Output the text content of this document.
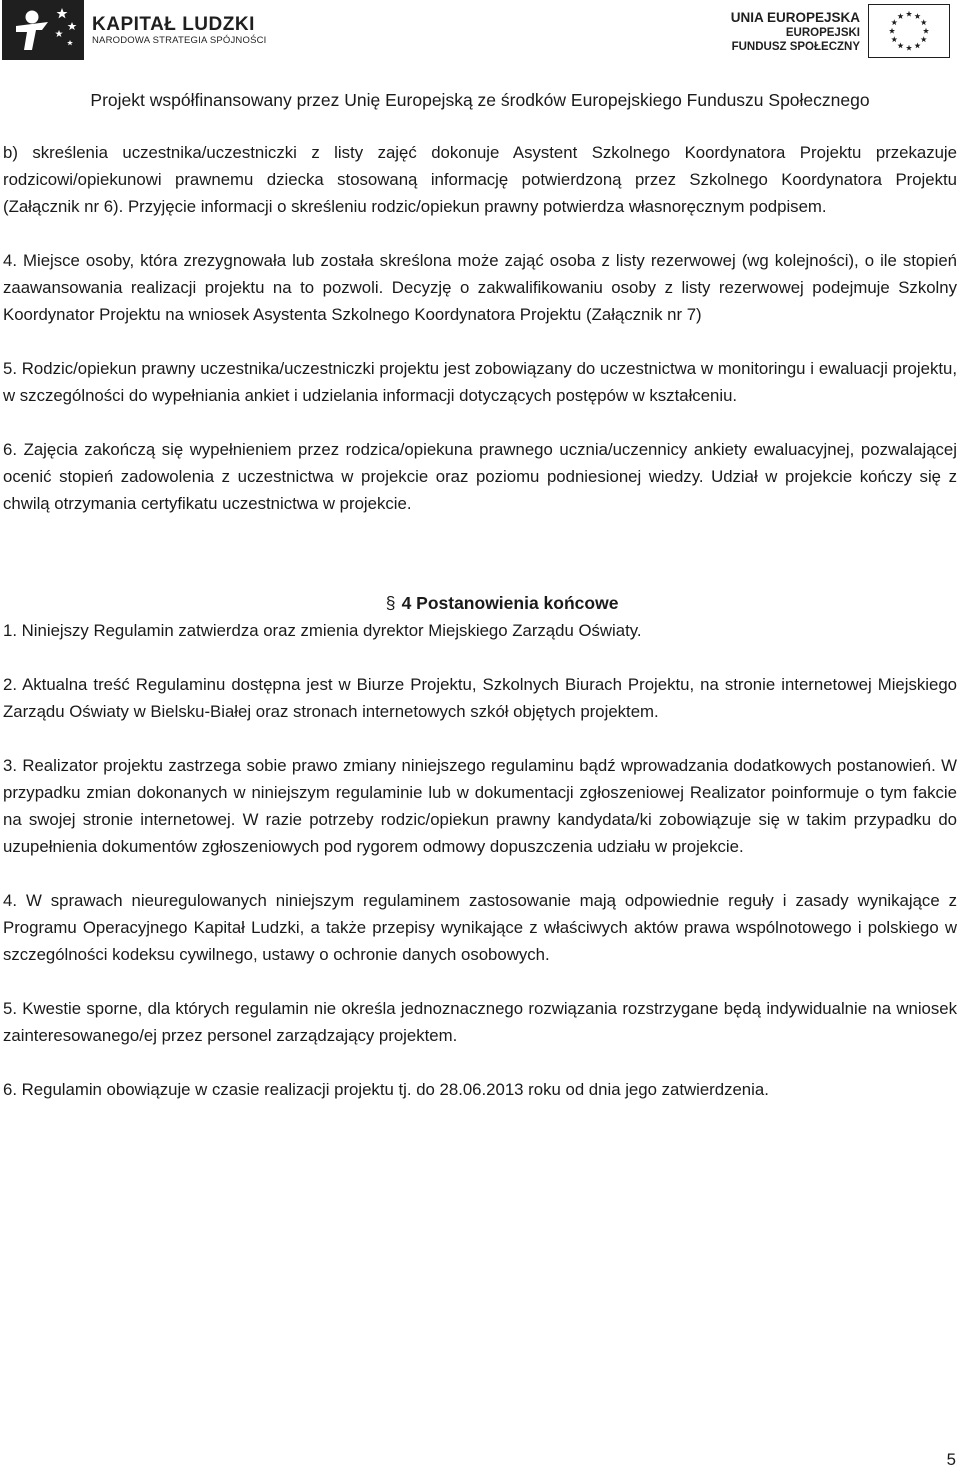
KAPITAŁ LUDZKI
NARODOWA STRATEGIA SPÓJNOŚCI
UNIA EUROPEJSKA
EUROPEJSKI
FUNDUSZ SPOŁECZNY
Projekt współfinansowany przez Unię Europejską ze środków Europejskiego Funduszu Społecznego

b) skreślenia uczestnika/uczestniczki z listy zajęć dokonuje Asystent Szkolnego Koordynatora Projektu przekazuje rodzicowi/opiekunowi prawnemu dziecka stosowaną informację potwierdzoną przez Szkolnego Koordynatora Projektu (Załącznik nr 6). Przyjęcie informacji o skreśleniu rodzic/opiekun prawny potwierdza własnoręcznym podpisem.

4. Miejsce osoby, która zrezygnowała lub została skreślona może zająć osoba z listy rezerwowej (wg kolejności), o ile stopień zaawansowania realizacji projektu na to pozwoli. Decyzję o zakwalifikowaniu osoby z listy rezerwowej podejmuje Szkolny Koordynator Projektu na wniosek Asystenta Szkolnego Koordynatora Projektu (Załącznik nr 7)

5. Rodzic/opiekun prawny uczestnika/uczestniczki projektu jest zobowiązany do uczestnictwa w monitoringu i ewaluacji projektu, w szczególności do wypełniania ankiet i udzielania informacji dotyczących postępów w kształceniu.

6. Zajęcia zakończą się wypełnieniem przez rodzica/opiekuna prawnego ucznia/uczennicy ankiety ewaluacyjnej, pozwalającej ocenić stopień zadowolenia z uczestnictwa w projekcie oraz poziomu podniesionej wiedzy. Udział w projekcie kończy się z chwilą otrzymania certyfikatu uczestnictwa w projekcie.

§ 4 Postanowienia końcowe

1. Niniejszy Regulamin zatwierdza oraz zmienia dyrektor Miejskiego Zarządu Oświaty.

2. Aktualna treść Regulaminu dostępna jest w Biurze Projektu, Szkolnych Biurach Projektu, na stronie internetowej Miejskiego Zarządu Oświaty w Bielsku-Białej oraz stronach internetowych szkół objętych projektem.

3. Realizator projektu zastrzega sobie prawo zmiany niniejszego regulaminu bądź wprowadzania dodatkowych postanowień. W przypadku zmian dokonanych w niniejszym regulaminie lub w dokumentacji zgłoszeniowej Realizator poinformuje o tym fakcie na swojej stronie internetowej. W razie potrzeby rodzic/opiekun prawny kandydata/ki zobowiązuje się w takim przypadku do uzupełnienia dokumentów zgłoszeniowych pod rygorem odmowy dopuszczenia udziału w projekcie.

4. W sprawach nieuregulowanych niniejszym regulaminem zastosowanie mają odpowiednie reguły i zasady wynikające z Programu Operacyjnego Kapitał Ludzki, a także przepisy wynikające z właściwych aktów prawa wspólnotowego i polskiego w szczególności kodeksu cywilnego, ustawy o ochronie danych osobowych.

5. Kwestie sporne, dla których regulamin nie określa jednoznacznego rozwiązania rozstrzygane będą indywidualnie na wniosek zainteresowanego/ej przez personel zarządzający projektem.

6. Regulamin obowiązuje w czasie realizacji projektu tj. do 28.06.2013 roku od dnia jego zatwierdzenia.

5
